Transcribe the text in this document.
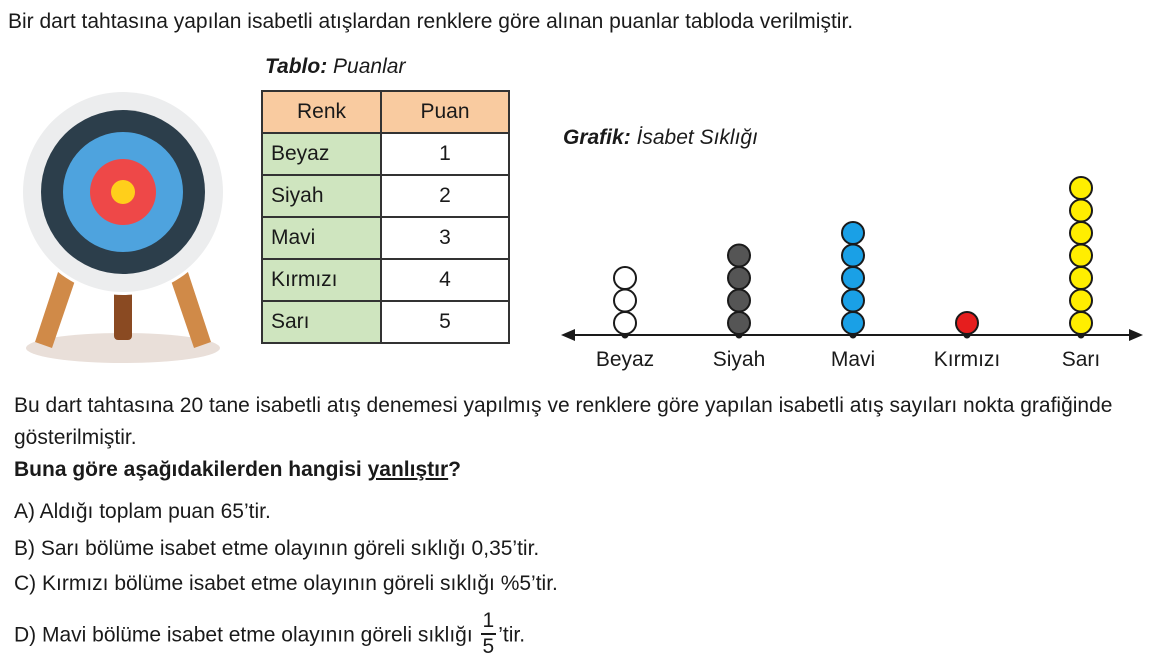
Bir dart tahtasına yapılan isabetli atışlardan renklere göre alınan puanlar tabloda verilmiştir.
Tablo: Puanlar
Renk	Puan
Beyaz	1
Siyah	2
Mavi	3
Kırmızı	4
Sarı	5
Grafik: İsabet Sıklığı
Beyaz	Siyah	Mavi	Kırmızı	Sarı
Bu dart tahtasına 20 tane isabetli atış denemesi yapılmış ve renklere göre yapılan isabetli atış sayıları nokta grafiğinde gösterilmiştir.
Buna göre aşağıdakilerden hangisi yanlıştır?
A) Aldığı toplam puan 65’tir.
B) Sarı bölüme isabet etme olayının göreli sıklığı 0,35’tir.
C) Kırmızı bölüme isabet etme olayının göreli sıklığı %5’tir.
D) Mavi bölüme isabet etme olayının göreli sıklığı $\frac{1}{5}$ ’tir.
